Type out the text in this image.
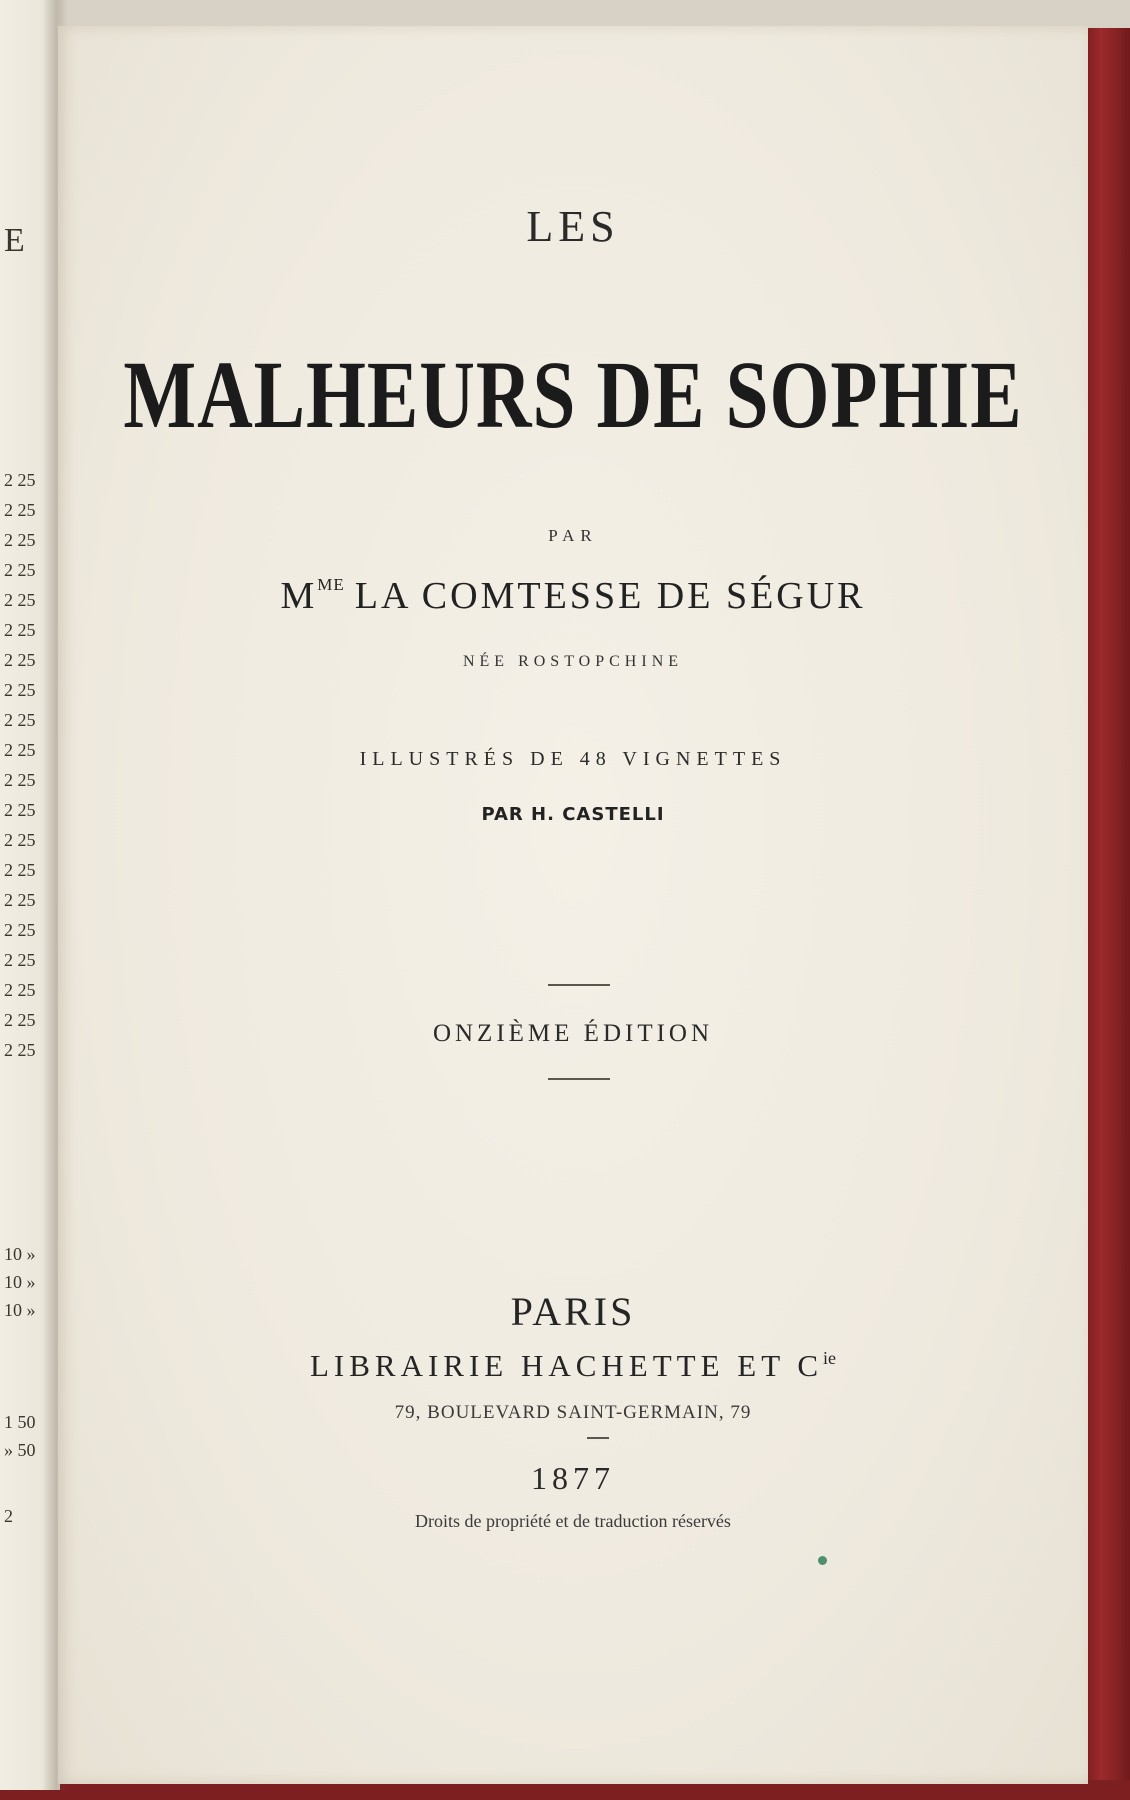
E
2 25
2 25
2 25
2 25
2 25
2 25
2 25
2 25
2 25
2 25
2 25
2 25
2 25
2 25
2 25
2 25
2 25
2 25
2 25
2 25
10 »
10 »
10 »
1 50
» 50
2
LES
MALHEURS DE SOPHIE
PAR
$M^{ME}$ LA COMTESSE DE SÉGUR
NÉE ROSTOPCHINE
ILLUSTRÉS DE 48 VIGNETTES
PAR H. CASTELLI
ONZIÈME ÉDITION
PARIS
LIBRAIRIE HACHETTE ET $C^{ie}$
79, BOULEVARD SAINT-GERMAIN, 79
1877
Droits de propriété et de traduction réservés
